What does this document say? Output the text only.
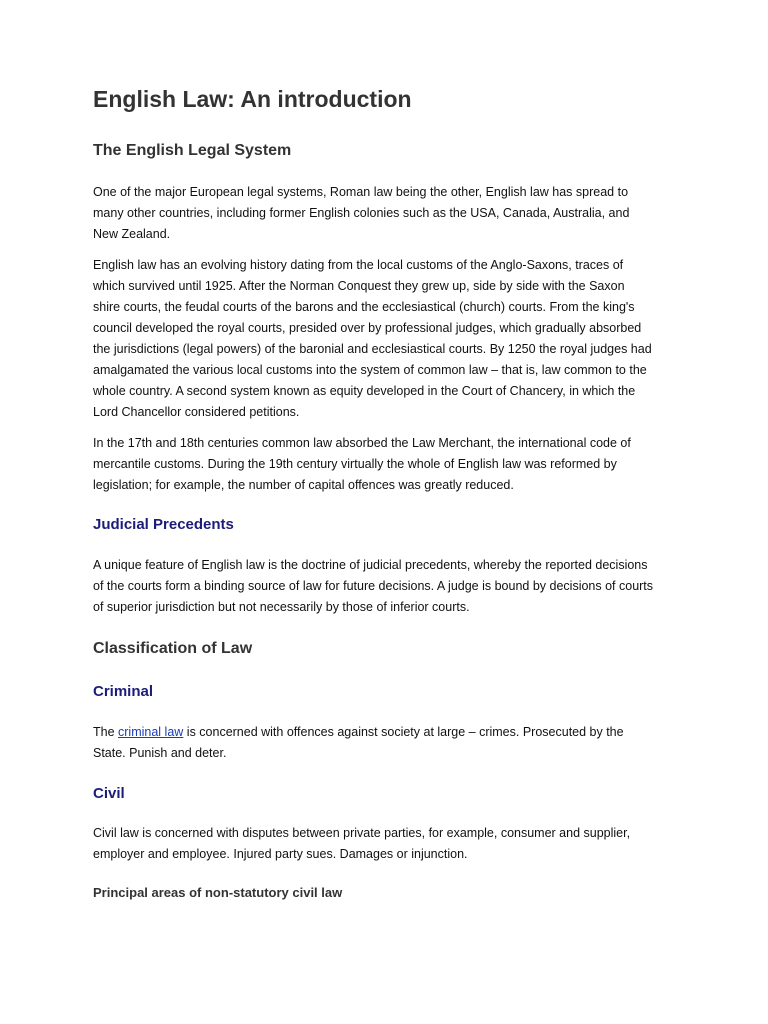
English Law: An introduction
The English Legal System

One of the major European legal systems, Roman law being the other, English law has spread to
many other countries, including former English colonies such as the USA, Canada, Australia, and
New Zealand.

English law has an evolving history dating from the local customs of the Anglo-Saxons, traces of
which survived until 1925. After the Norman Conquest they grew up, side by side with the Saxon
shire courts, the feudal courts of the barons and the ecclesiastical (church) courts. From the king's
council developed the royal courts, presided over by professional judges, which gradually absorbed
the jurisdictions (legal powers) of the baronial and ecclesiastical courts. By 1250 the royal judges had
amalgamated the various local customs into the system of common law – that is, law common to the
whole country. A second system known as equity developed in the Court of Chancery, in which the
Lord Chancellor considered petitions.

In the 17th and 18th centuries common law absorbed the Law Merchant, the international code of
mercantile customs. During the 19th century virtually the whole of English law was reformed by
legislation; for example, the number of capital offences was greatly reduced.

Judicial Precedents

A unique feature of English law is the doctrine of judicial precedents, whereby the reported decisions
of the courts form a binding source of law for future decisions. A judge is bound by decisions of courts
of superior jurisdiction but not necessarily by those of inferior courts.

Classification of Law
Criminal

The criminal law is concerned with offences against society at large – crimes. Prosecuted by the
State. Punish and deter.

Civil

Civil law is concerned with disputes between private parties, for example, consumer and supplier,
employer and employee. Injured party sues. Damages or injunction.

Principal areas of non-statutory civil law
